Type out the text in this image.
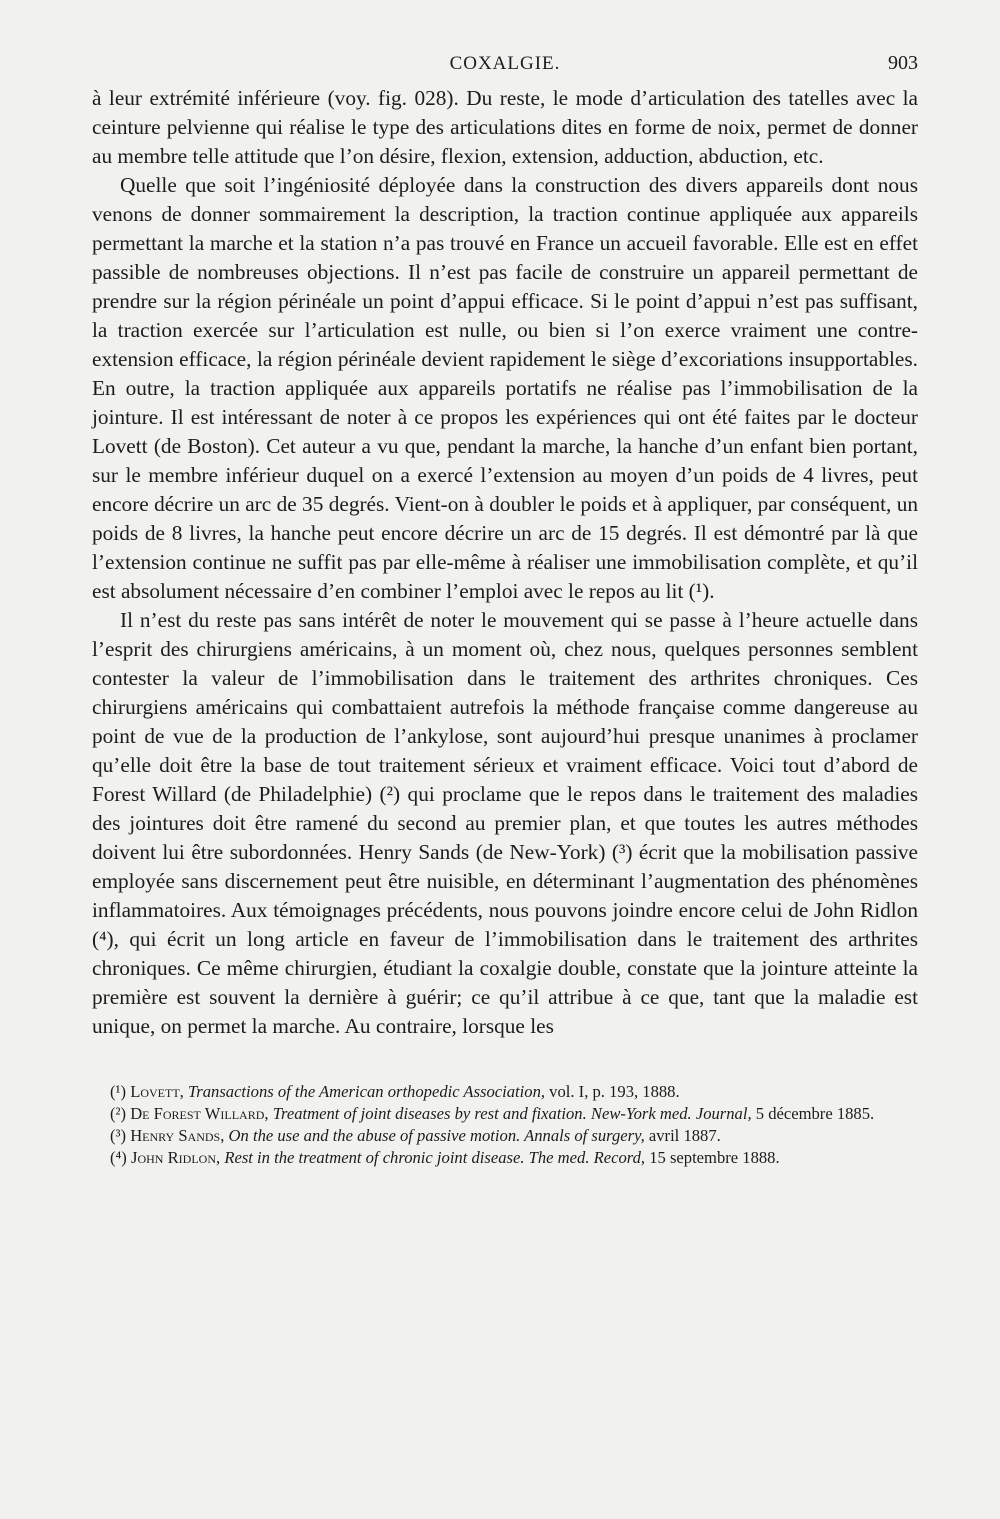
COXALGIE.	903

à leur extrémité inférieure (voy. fig. 028). Du reste, le mode d’articulation des tatelles avec la ceinture pelvienne qui réalise le type des articulations dites en forme de noix, permet de donner au membre telle attitude que l’on désire, flexion, extension, adduction, abduction, etc.

Quelle que soit l’ingéniosité déployée dans la construction des divers appareils dont nous venons de donner sommairement la description, la traction continue appliquée aux appareils permettant la marche et la station n’a pas trouvé en France un accueil favorable. Elle est en effet passible de nombreuses objections. Il n’est pas facile de construire un appareil permettant de prendre sur la région périnéale un point d’appui efficace. Si le point d’appui n’est pas suffisant, la traction exercée sur l’articulation est nulle, ou bien si l’on exerce vraiment une contre-extension efficace, la région périnéale devient rapidement le siège d’excoriations insupportables. En outre, la traction appliquée aux appareils portatifs ne réalise pas l’immobilisation de la jointure. Il est intéressant de noter à ce propos les expériences qui ont été faites par le docteur Lovett (de Boston). Cet auteur a vu que, pendant la marche, la hanche d’un enfant bien portant, sur le membre inférieur duquel on a exercé l’extension au moyen d’un poids de 4 livres, peut encore décrire un arc de 35 degrés. Vient-on à doubler le poids et à appliquer, par conséquent, un poids de 8 livres, la hanche peut encore décrire un arc de 15 degrés. Il est démontré par là que l’extension continue ne suffit pas par elle-même à réaliser une immobilisation complète, et qu’il est absolument nécessaire d’en combiner l’emploi avec le repos au lit (¹).

Il n’est du reste pas sans intérêt de noter le mouvement qui se passe à l’heure actuelle dans l’esprit des chirurgiens américains, à un moment où, chez nous, quelques personnes semblent contester la valeur de l’immobilisation dans le traitement des arthrites chroniques. Ces chirurgiens américains qui combattaient autrefois la méthode française comme dangereuse au point de vue de la production de l’ankylose, sont aujourd’hui presque unanimes à proclamer qu’elle doit être la base de tout traitement sérieux et vraiment efficace. Voici tout d’abord de Forest Willard (de Philadelphie) (²) qui proclame que le repos dans le traitement des maladies des jointures doit être ramené du second au premier plan, et que toutes les autres méthodes doivent lui être subordonnées. Henry Sands (de New-York) (³) écrit que la mobilisation passive employée sans discernement peut être nuisible, en déterminant l’augmentation des phénomènes inflammatoires. Aux témoignages précédents, nous pouvons joindre encore celui de John Ridlon (⁴), qui écrit un long article en faveur de l’immobilisation dans le traitement des arthrites chroniques. Ce même chirurgien, étudiant la coxalgie double, constate que la jointure atteinte la première est souvent la dernière à guérir; ce qu’il attribue à ce que, tant que la maladie est unique, on permet la marche. Au contraire, lorsque les

(¹) Lovett, Transactions of the American orthopedic Association, vol. I, p. 193, 1888.

(²) De Forest Willard, Treatment of joint diseases by rest and fixation. New-York med. Journal, 5 décembre 1885.

(³) Henry Sands, On the use and the abuse of passive motion. Annals of surgery, avril 1887.

(⁴) John Ridlon, Rest in the treatment of chronic joint disease. The med. Record, 15 septembre 1888.
